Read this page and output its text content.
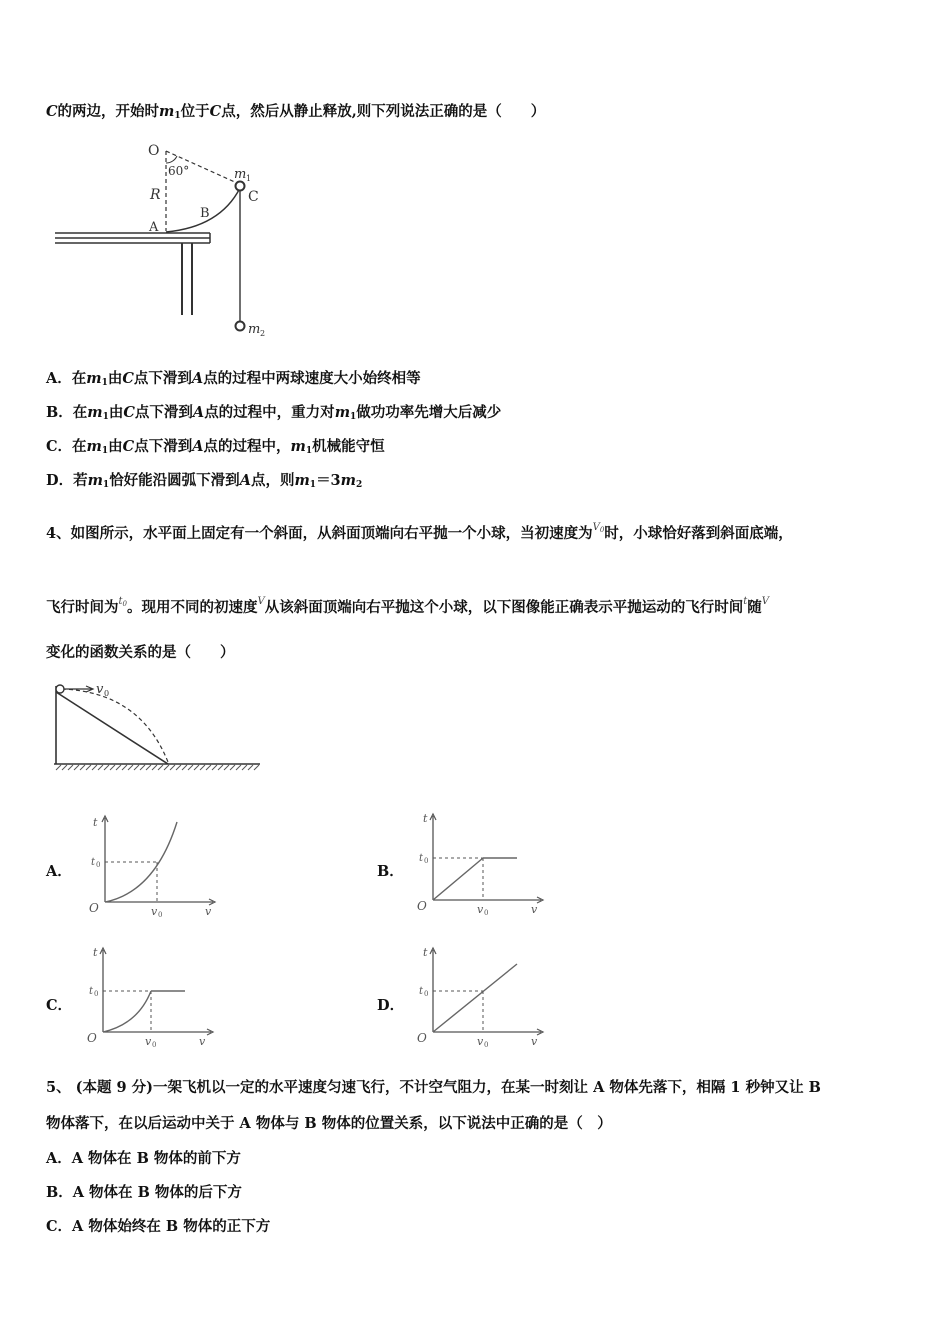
C的两边，开始时$m_1$位于C点，然后从静止释放,则下列说法正确的是（　　）
O
60°	m 1
C
R
B
A
m 2
A．在$m_1$由C点下滑到A点的过程中两球速度大小始终相等
B．在$m_1$由C点下滑到A点的过程中，重力对$m_1$做功功率先增大后减少
C．在$m_1$由C点下滑到A点的过程中，$m_1$机械能守恒
D．若$m_1$恰好能沿圆弧下滑到A点，则$m_1=3m_2$
4、如图所示，水平面上固定有一个斜面，从斜面顶端向右平抛一个小球，当初速度为$^{V0}$时，小球恰好落到斜面底端，
飞行时间为$^{t0}$。现用不同的初速度$^V$从该斜面顶端向右平抛这个小球，以下图像能正确表示平抛运动的飞行时间$^t$随$^V$
变化的函数关系的是（　　）
v 0
A．	B．
C．	D．
t
t 0
O	v 0	v
t
t 0
O	v 0	v
t
t 0
O	v 0	v
t
t 0
O	v 0	v
5、 (本题 9 分)一架飞机以一定的水平速度匀速飞行，不计空气阻力，在某一时刻让 A 物体先落下，相隔 1 秒钟又让 B
物体落下，在以后运动中关于 A 物体与 B 物体的位置关系，以下说法中正确的是（　）
A．A 物体在 B 物体的前下方
B．A 物体在 B 物体的后下方
C．A 物体始终在 B 物体的正下方
